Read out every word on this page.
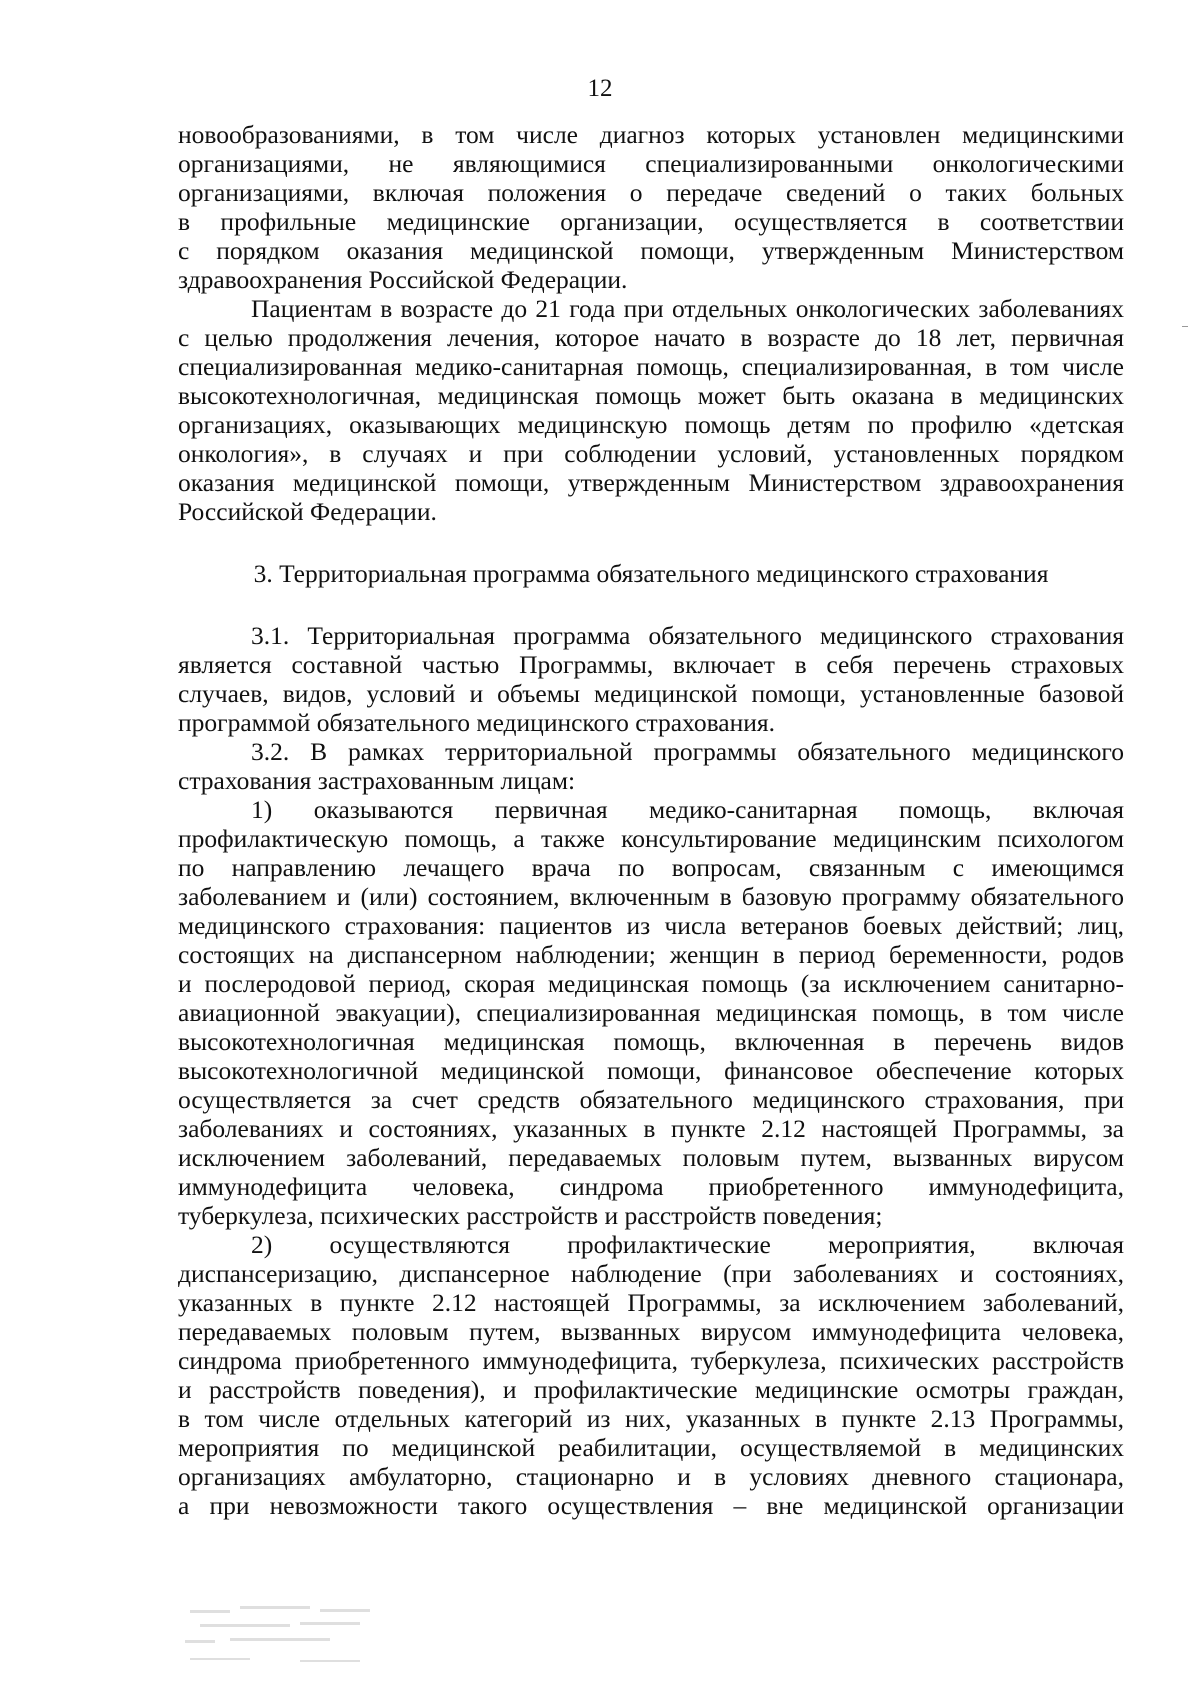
12
новообразованиями, в том числе диагноз которых установлен медицинскими
организациями, не являющимися специализированными онкологическими
организациями, включая положения о передаче сведений о таких больных
в профильные медицинские организации, осуществляется в соответствии
с порядком оказания медицинской помощи, утвержденным Министерством
здравоохранения Российской Федерации.
Пациентам в возрасте до 21 года при отдельных онкологических заболеваниях
с целью продолжения лечения, которое начато в возрасте до 18 лет, первичная
специализированная медико-санитарная помощь, специализированная, в том числе
высокотехнологичная, медицинская помощь может быть оказана в медицинских
организациях, оказывающих медицинскую помощь детям по профилю «детская
онкология», в случаях и при соблюдении условий, установленных порядком
оказания медицинской помощи, утвержденным Министерством здравоохранения
Российской Федерации.
3. Территориальная программа обязательного медицинского страхования
3.1. Территориальная программа обязательного медицинского страхования
является составной частью Программы, включает в себя перечень страховых
случаев, видов, условий и объемы медицинской помощи, установленные базовой
программой обязательного медицинского страхования.
3.2. В рамках территориальной программы обязательного медицинского
страхования застрахованным лицам:
1) оказываются первичная медико-санитарная помощь, включая
профилактическую помощь, а также консультирование медицинским психологом
по направлению лечащего врача по вопросам, связанным с имеющимся
заболеванием и (или) состоянием, включенным в базовую программу обязательного
медицинского страхования: пациентов из числа ветеранов боевых действий; лиц,
состоящих на диспансерном наблюдении; женщин в период беременности, родов
и послеродовой период, скорая медицинская помощь (за исключением санитарно-
авиационной эвакуации), специализированная медицинская помощь, в том числе
высокотехнологичная медицинская помощь, включенная в перечень видов
высокотехнологичной медицинской помощи, финансовое обеспечение которых
осуществляется за счет средств обязательного медицинского страхования, при
заболеваниях и состояниях, указанных в пункте 2.12 настоящей Программы, за
исключением заболеваний, передаваемых половым путем, вызванных вирусом
иммунодефицита человека, синдрома приобретенного иммунодефицита,
туберкулеза, психических расстройств и расстройств поведения;
2) осуществляются профилактические мероприятия, включая
диспансеризацию, диспансерное наблюдение (при заболеваниях и состояниях,
указанных в пункте 2.12 настоящей Программы, за исключением заболеваний,
передаваемых половым путем, вызванных вирусом иммунодефицита человека,
синдрома приобретенного иммунодефицита, туберкулеза, психических расстройств
и расстройств поведения), и профилактические медицинские осмотры граждан,
в том числе отдельных категорий из них, указанных в пункте 2.13 Программы,
мероприятия по медицинской реабилитации, осуществляемой в медицинских
организациях амбулаторно, стационарно и в условиях дневного стационара,
а при невозможности такого осуществления – вне медицинской организации
